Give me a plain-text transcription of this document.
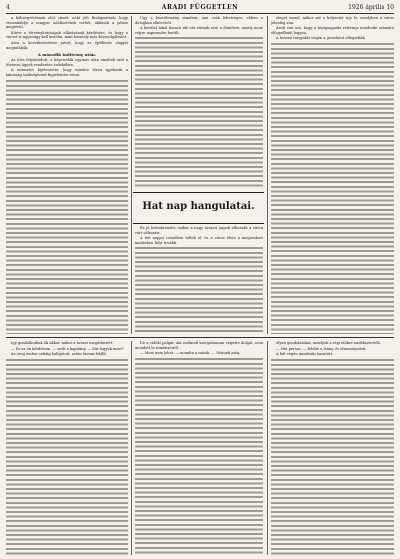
4	ARADI FÜGGETLEN	1926 április 10

a költségvetésnek első címét: neki jött Budapestnek, hogy visszaküldje a magyar adófizetőnek terhét, akiknek a pénze megtérül.

Kitért a törvényhatóságok ellátásának kérdésére, és hogy a várost is ugyanúgy kell kezelni, mint bármely más közszolgáltatót.

Arra a következtetésre jutott, hogy az építkezés alapját megtalálják.

A második indítvány után.

Az ülés folytatódott, a képviselők egymás után emeltek szót a fővárosi ügyek rendezése érdekében.

A miniszter kijelentette, hogy minden téren igyekszik a lakosság szükségleteit figyelembe venni.

Úgy a közvélemény mindent, ami csak lehetséges, ebben a dologban elkövetett.

A kerület lakói hosszú idő óta várnak erre a döntésre, amely most végre napirendre került.

Hat nap hangulatai.

Ez jó hírünkrendes, mikor a nagy tavaszi napok elhozzák a várva várt változást.

A hét napjai csendben teltek el, és a város élete a megszokott mederben folyt tovább.

eleget mond, mikor azt a helyzetet írja le, amelyben a város jelenleg van.

Arról van szó, hogy a közigazgatás reformja mindenki számára elfogadható legyen.

A hosszú tárgyalás végén a javaslatot elfogadták.

Igy gondolkodtak ők akkor, mikor a tavasz megérkezett.

— Ez az én kérdésem, — szólt a kapitány. — Mit tegyek most?

Az öreg ember sokáig hallgatott, aztán lassan felállt.

De a vidéki polgár, aki ezeknek szorgalmasan végezte dolgát, nem mondott le reményeiről.

— Most nem lehet, — mondta a másik. — Várjunk még.

olyan gondolatokat, amelyek a régi időkre emlékeztették.

— Hát persze, — felelte a leány, és elmosolyodott.

A hét végén mindenki hazatért.
